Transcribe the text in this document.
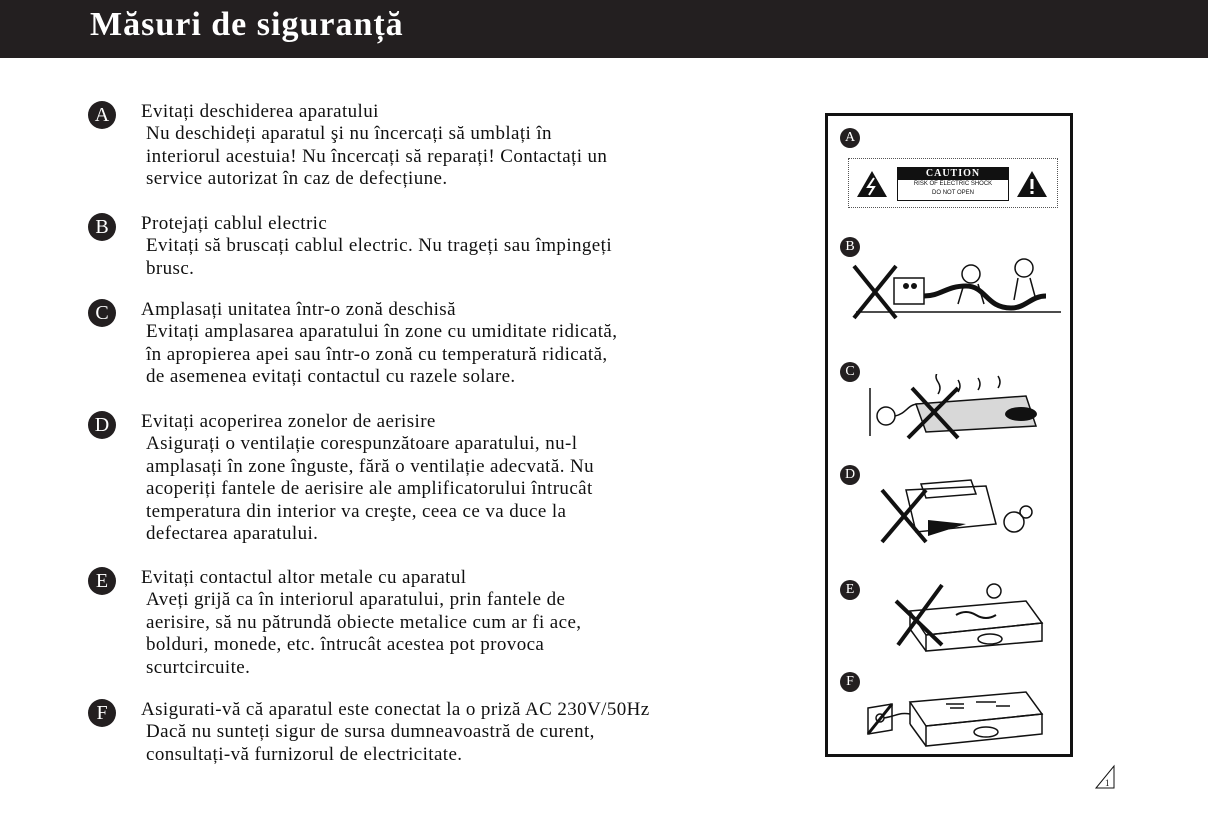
Măsuri de siguranță
A	Evitați deschiderea aparatului
Nu deschideți aparatul şi nu încercați să umblați în
interiorul acestuia! Nu încercați să reparați! Contactați un
service autorizat în caz de defecțiune.
B	Protejați cablul electric
Evitați să bruscați cablul electric. Nu trageți sau împingeți
brusc.
C	Amplasați unitatea într-o zonă deschisă
Evitați amplasarea aparatului în zone cu umiditate ridicată,
în apropierea apei sau într-o zonă cu temperatură ridicată,
de asemenea evitați contactul cu razele solare.
D	Evitați acoperirea zonelor de aerisire
Asigurați o ventilație corespunzătoare aparatului, nu-l
amplasați în zone înguste, fără o ventilație adecvată. Nu
acoperiți fantele de aerisire ale amplificatorului întrucât
temperatura din interior va creşte, ceea ce va duce la
defectarea aparatului.
E	Evitați contactul altor metale cu aparatul
Aveți grijă ca în interiorul aparatului, prin fantele de
aerisire, să nu pătrundă obiecte metalice cum ar fi ace,
bolduri, monede, etc. întrucât acestea pot provoca
scurtcircuite.
F	Asigurati-vă că aparatul este conectat la o priză AC 230V/50Hz
Dacă nu sunteți sigur de sursa dumneavoastră de curent,
consultați-vă furnizorul de electricitate.
A
CAUTION
RISK OF ELECTRIC SHOCK
DO NOT OPEN
B
C
D
E
F
1
